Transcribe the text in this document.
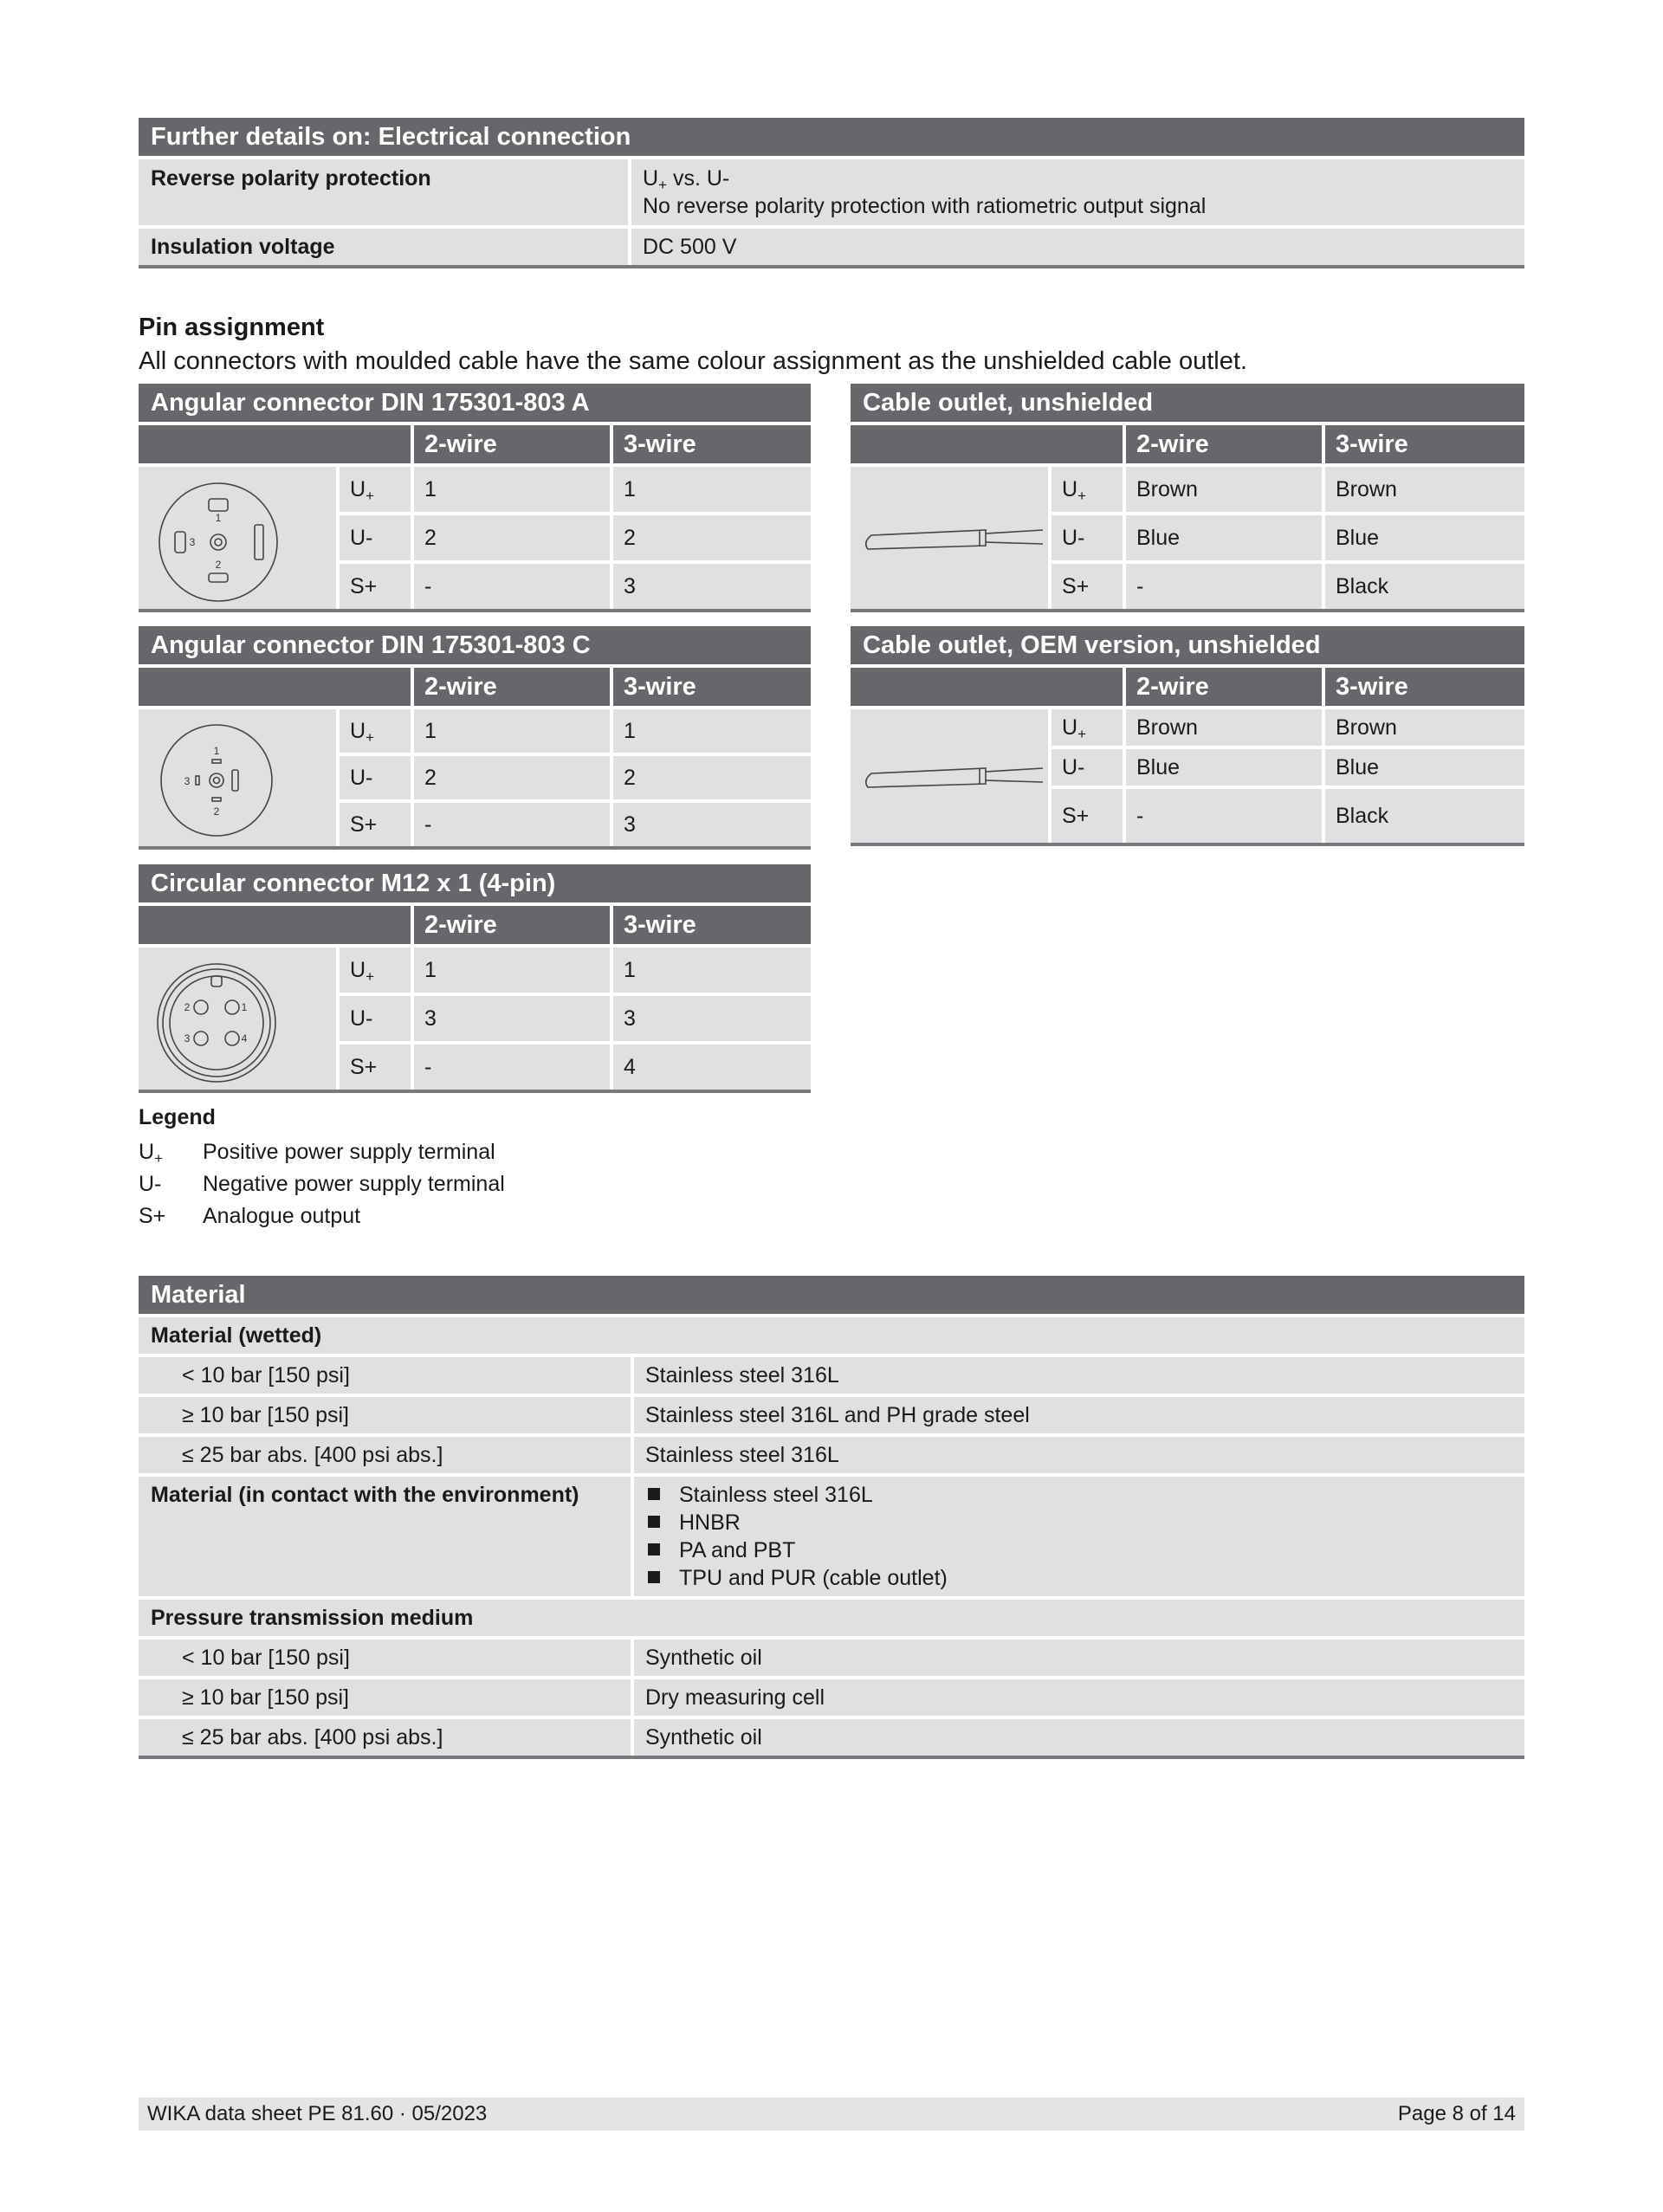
Further details on: Electrical connection
Reverse polarity protection	$U_+$ vs. U-
No reverse polarity protection with ratiometric output signal
Insulation voltage	DC 500 V
Pin assignment
All connectors with moulded cable have the same colour assignment as the unshielded cable outlet.
Angular connector DIN 175301-803 A
2-wire	3-wire
1
3
2
$U_+$ 1	1
U- 2	2
S+ -	3
Cable outlet, unshielded
2-wire	3-wire
$U_+$ Brown	Brown
U- Blue	Blue
S+ -	Black
Angular connector DIN 175301-803 C
2-wire	3-wire
1
3
2
$U_+$ 1	1
U- 2	2
S+ -	3
Cable outlet, OEM version, unshielded
2-wire	3-wire
$U_+$ Brown	Brown
U- Blue	Blue
S+ -	Black
Circular connector M12 x 1 (4-pin)
2-wire	3-wire
2	1
3	4
$U_+$ 1	1
U- 3	3
S+ -	4
Legend
$U_+$ Positive power supply terminal
U- Negative power supply terminal
S+ Analogue output
Material
Material (wetted)
< 10 bar [150 psi]	Stainless steel 316L
≥ 10 bar [150 psi]	Stainless steel 316L and PH grade steel
≤ 25 bar abs. [400 psi abs.]	Stainless steel 316L
Material (in contact with the environment)	Stainless steel 316L
HNBR
PA and PBT
TPU and PUR (cable outlet)
Pressure transmission medium
< 10 bar [150 psi]	Synthetic oil
≥ 10 bar [150 psi]	Dry measuring cell
≤ 25 bar abs. [400 psi abs.]	Synthetic oil
WIKA data sheet PE 81.60 · 05/2023	Page 8 of 14
